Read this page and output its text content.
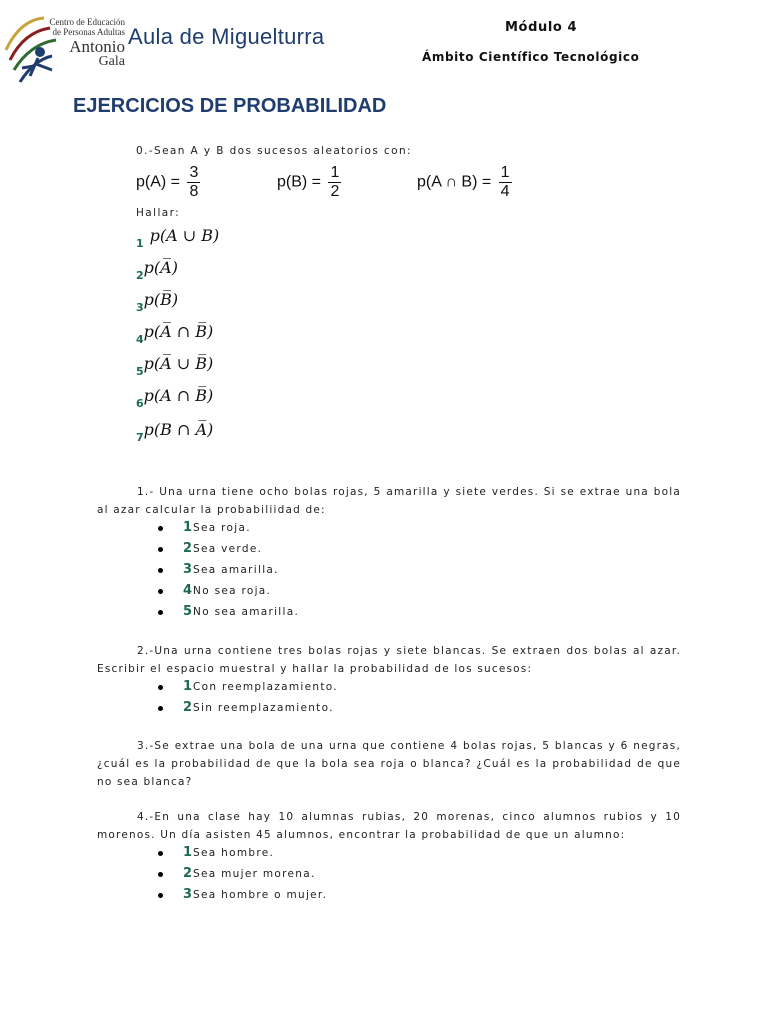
Centro de Educación
de Personas Adultas
Antonio
Gala
Aula de Miguelturra	Módulo 4
Ámbito Científico Tecnológico
EJERCICIOS DE PROBABILIDAD
0.-Sean A y B dos sucesos aleatorios con:
$p(A) = \frac{3}{8}$	$p(B) = \frac{1}{2}$	p(A ∩ $B) = \frac{1}{4}$
Hallar:
$_1$ p(A ∪ B)
$_2$p(A̅)
$_3$p(B̅)
$_4$p(A̅ ∩ B̅)
$_5$p(A̅ ∪ B̅)
$_6$p(A ∩ B̅)
$_7$p(B ∩ A̅)
1.- Una urna tiene ocho bolas rojas, 5 amarilla y siete verdes. Si se extrae una bola al azar calcular la probabiliidad de:
1Sea roja.
2Sea verde.
3Sea amarilla.
4No sea roja.
5No sea amarilla.
2.-Una urna contiene tres bolas rojas y siete blancas. Se extraen dos bolas al azar. Escribir el espacio muestral y hallar la probabilidad de los sucesos:
1Con reemplazamiento.
2Sin reemplazamiento.
3.-Se extrae una bola de una urna que contiene 4 bolas rojas, 5 blancas y 6 negras, ¿cuál es la probabilidad de que la bola sea roja o blanca? ¿Cuál es la probabilidad de que no sea blanca?
4.-En una clase hay 10 alumnas rubias, 20 morenas, cinco alumnos rubios y 10 morenos. Un día asisten 45 alumnos, encontrar la probabilidad de que un alumno:
1Sea hombre.
2Sea mujer morena.
3Sea hombre o mujer.
